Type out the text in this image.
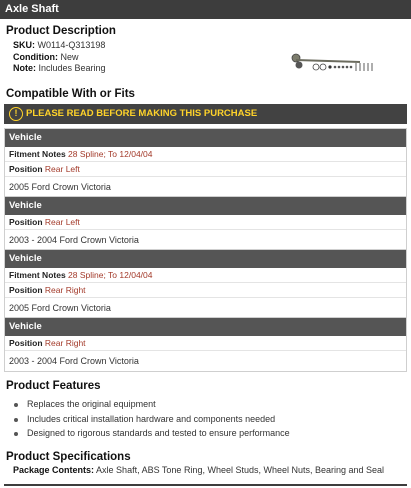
Axle Shaft
Product Description
SKU: W0114-Q313198
Condition: New
Note: Includes Bearing
Compatible With or Fits
! PLEASE READ BEFORE MAKING THIS PURCHASE
Vehicle
Fitment Notes 28 Spline; To 12/04/04
Position Rear Left
2005 Ford Crown Victoria
Vehicle
Position Rear Left
2003 - 2004 Ford Crown Victoria
Vehicle
Fitment Notes 28 Spline; To 12/04/04
Position Rear Right
2005 Ford Crown Victoria
Vehicle
Position Rear Right
2003 - 2004 Ford Crown Victoria
Product Features
Replaces the original equipment
Includes critical installation hardware and components needed
Designed to rigorous standards and tested to ensure performance
Product Specifications
Package Contents: Axle Shaft, ABS Tone Ring, Wheel Studs, Wheel Nuts, Bearing and Seal
